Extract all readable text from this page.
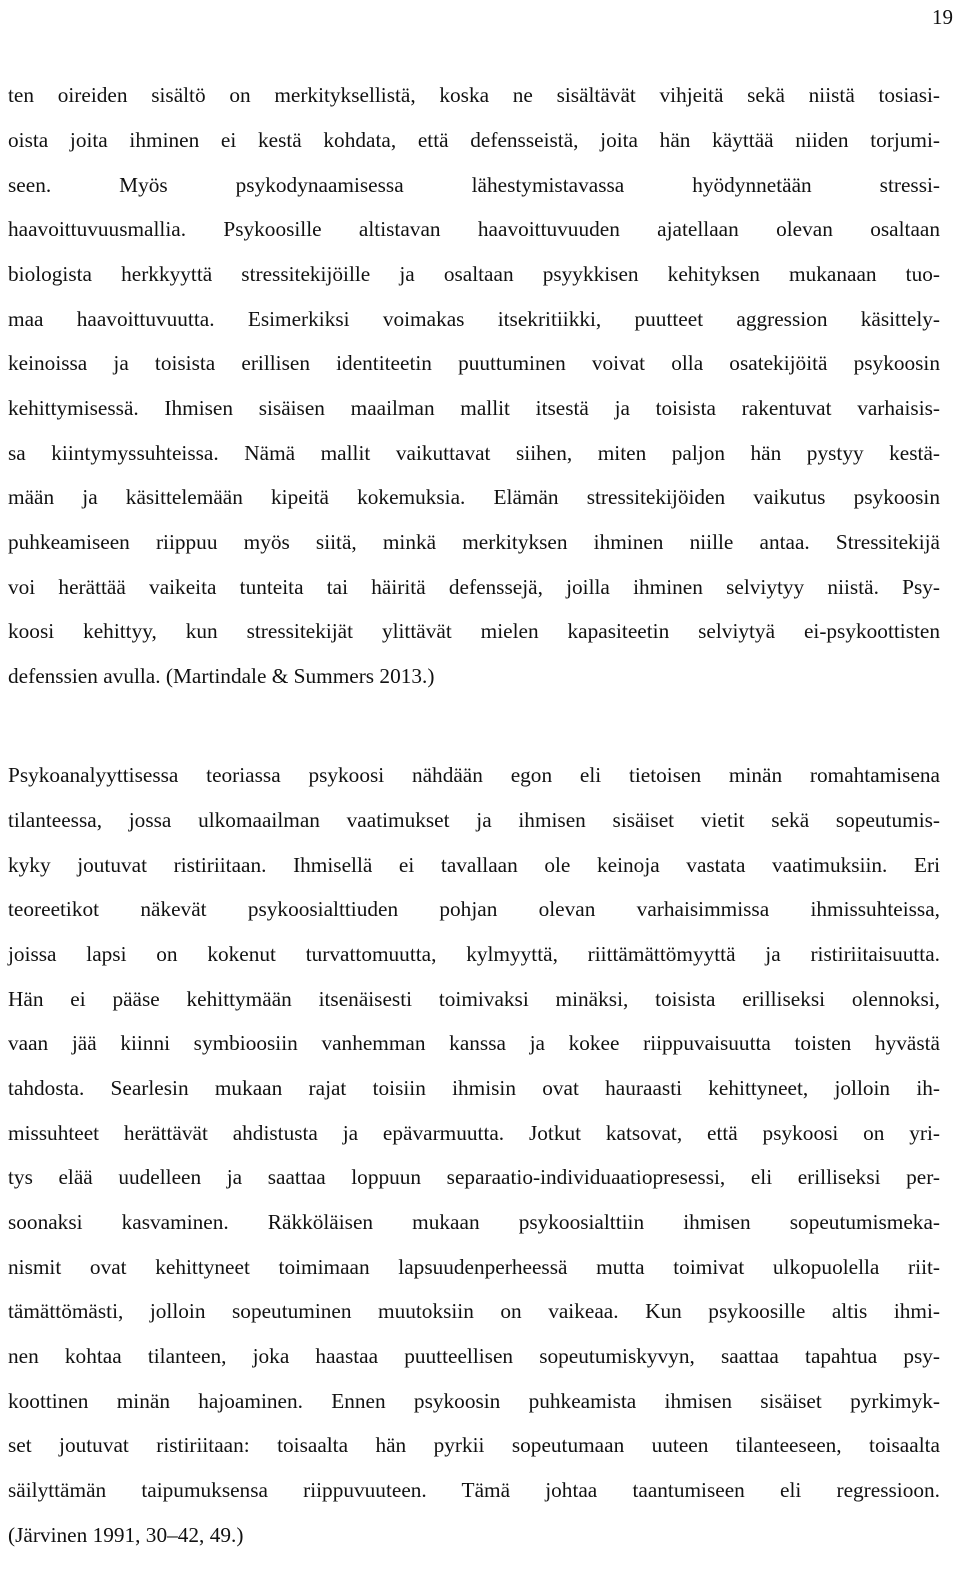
19
ten oireiden sisältö on merkityksellistä, koska ne sisältävät vihjeitä sekä niistä tosiasi-
oista joita ihminen ei kestä kohdata, että defensseistä, joita hän käyttää niiden torjumi-
seen. Myös psykodynaamisessa lähestymistavassa hyödynnetään stressi-
haavoittuvuusmallia. Psykoosille altistavan haavoittuvuuden ajatellaan olevan osaltaan
biologista herkkyyttä stressitekijöille ja osaltaan psyykkisen kehityksen mukanaan tuo-
maa haavoittuvuutta. Esimerkiksi voimakas itsekritiikki, puutteet aggression käsittely-
keinoissa ja toisista erillisen identiteetin puuttuminen voivat olla osatekijöitä psykoosin
kehittymisessä. Ihmisen sisäisen maailman mallit itsestä ja toisista rakentuvat varhaisis-
sa kiintymyssuhteissa. Nämä mallit vaikuttavat siihen, miten paljon hän pystyy kestä-
mään ja käsittelemään kipeitä kokemuksia. Elämän stressitekijöiden vaikutus psykoosin
puhkeamiseen riippuu myös siitä, minkä merkityksen ihminen niille antaa. Stressitekijä
voi herättää vaikeita tunteita tai häiritä defenssejä, joilla ihminen selviytyy niistä. Psy-
koosi kehittyy, kun stressitekijät ylittävät mielen kapasiteetin selviytyä ei-psykoottisten
defenssien avulla. (Martindale & Summers 2013.)
Psykoanalyyttisessa teoriassa psykoosi nähdään egon eli tietoisen minän romahtamisena
tilanteessa, jossa ulkomaailman vaatimukset ja ihmisen sisäiset vietit sekä sopeutumis-
kyky joutuvat ristiriitaan. Ihmisellä ei tavallaan ole keinoja vastata vaatimuksiin. Eri
teoreetikot näkevät psykoosialttiuden pohjan olevan varhaisimmissa ihmissuhteissa,
joissa lapsi on kokenut turvattomuutta, kylmyyttä, riittämättömyyttä ja ristiriitaisuutta.
Hän ei pääse kehittymään itsenäisesti toimivaksi minäksi, toisista erilliseksi olennoksi,
vaan jää kiinni symbioosiin vanhemman kanssa ja kokee riippuvaisuutta toisten hyvästä
tahdosta. Searlesin mukaan rajat toisiin ihmisin ovat hauraasti kehittyneet, jolloin ih-
missuhteet herättävät ahdistusta ja epävarmuutta. Jotkut katsovat, että psykoosi on yri-
tys elää uudelleen ja saattaa loppuun separaatio-individuaatiopresessi, eli erilliseksi per-
soonaksi kasvaminen. Räkköläisen mukaan psykoosialttiin ihmisen sopeutumismeka-
nismit ovat kehittyneet toimimaan lapsuudenperheessä mutta toimivat ulkopuolella riit-
tämättömästi, jolloin sopeutuminen muutoksiin on vaikeaa. Kun psykoosille altis ihmi-
nen kohtaa tilanteen, joka haastaa puutteellisen sopeutumiskyvyn, saattaa tapahtua psy-
koottinen minän hajoaminen. Ennen psykoosin puhkeamista ihmisen sisäiset pyrkimyk-
set joutuvat ristiriitaan: toisaalta hän pyrkii sopeutumaan uuteen tilanteeseen, toisaalta
säilyttämän taipumuksensa riippuvuuteen. Tämä johtaa taantumiseen eli regressioon.
(Järvinen 1991, 30–42, 49.)
